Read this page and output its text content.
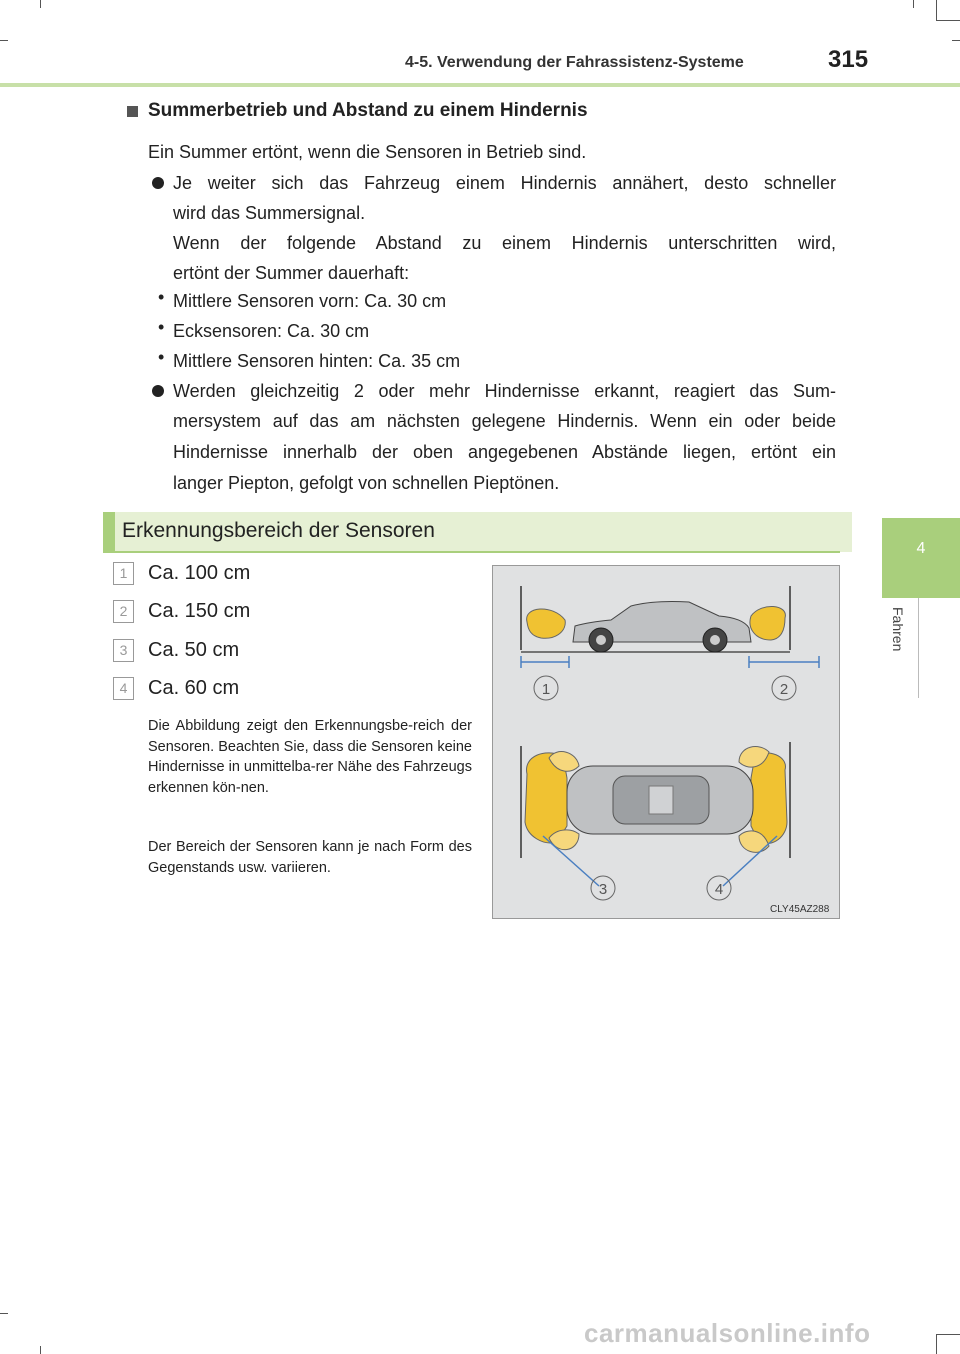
4-5. Verwendung der Fahrassistenz-Systeme	315
4
Fahren
Summerbetrieb und Abstand zu einem Hindernis
Ein Summer ertönt, wenn die Sensoren in Betrieb sind.
Je weiter sich das Fahrzeug einem Hindernis annähert, desto schneller
wird das Summersignal.
Wenn der folgende Abstand zu einem Hindernis unterschritten wird,
ertönt der Summer dauerhaft:
• Mittlere Sensoren vorn: Ca. 30 cm
• Ecksensoren: Ca. 30 cm
• Mittlere Sensoren hinten: Ca. 35 cm
Werden gleichzeitig 2 oder mehr Hindernisse erkannt, reagiert das Sum-
mersystem auf das am nächsten gelegene Hindernis. Wenn ein oder beide
Hindernisse innerhalb der oben angegebenen Abstände liegen, ertönt ein
langer Piepton, gefolgt von schnellen Pieptönen.
Erkennungsbereich der Sensoren
1	Ca. 100 cm
2	Ca. 150 cm
3	Ca. 50 cm
4	Ca. 60 cm
Die Abbildung zeigt den Erkennungsbe-reich der Sensoren. Beachten Sie, dass die Sensoren keine Hindernisse in unmittelba-rer Nähe des Fahrzeugs erkennen kön-nen.
Der Bereich der Sensoren kann je nach Form des Gegenstands usw. variieren.
1	2
3	4
CLY45AZ288
carmanualsonline.info
